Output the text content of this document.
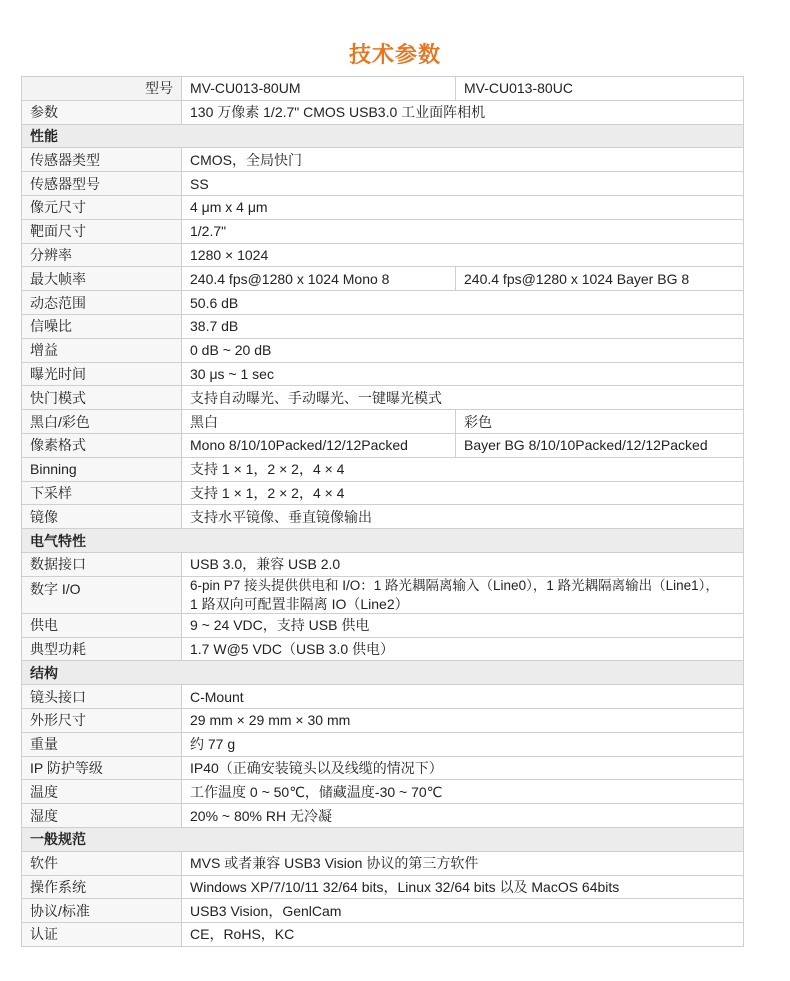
技术参数
型号	MV-CU013-80UM	MV-CU013-80UC
参数	130 万像素 1/2.7" CMOS USB3.0 工业面阵相机	
性能		
传感器类型	CMOS，全局快门	
传感器型号	SS	
像元尺寸	4 μm x 4 μm	
靶面尺寸	1/2.7"	
分辨率	1280 × 1024	
最大帧率	240.4 fps@1280 x 1024 Mono 8	240.4 fps@1280 x 1024 Bayer BG 8
动态范围	50.6 dB	
信噪比	38.7 dB	
增益	0 dB ~ 20 dB	
曝光时间	30 μs ~ 1 sec	
快门模式	支持自动曝光、手动曝光、一键曝光模式	
黑白/彩色	黑白	彩色
像素格式	Mono 8/10/10Packed/12/12Packed	Bayer BG 8/10/10Packed/12/12Packed
Binning	支持 1 × 1，2 × 2，4 × 4	
下采样	支持 1 × 1，2 × 2，4 × 4	
镜像	支持水平镜像、垂直镜像输出	
电气特性		
数据接口	USB 3.0，兼容 USB 2.0	
数字 I/O	6-pin P7 接头提供供电和 I/O：1 路光耦隔离输入（Line0），1 路光耦隔离输出（Line1），
1 路双向可配置非隔离 IO（Line2）	

供电	9 ~ 24 VDC，支持 USB 供电	
典型功耗	1.7 W@5 VDC（USB 3.0 供电）	
结构		
镜头接口	C-Mount	
外形尺寸	29 mm × 29 mm × 30 mm	
重量	约 77 g	
IP 防护等级	IP40（正确安装镜头以及线缆的情况下）	
温度	工作温度 0 ~ 50℃，储藏温度-30 ~ 70℃	
湿度	20% ~ 80% RH 无冷凝	
一般规范		
软件	MVS 或者兼容 USB3 Vision 协议的第三方软件	
操作系统	Windows XP/7/10/11 32/64 bits，Linux 32/64 bits 以及 MacOS 64bits	
协议/标准	USB3 Vision，GenlCam	
认证	CE，RoHS，KC	
